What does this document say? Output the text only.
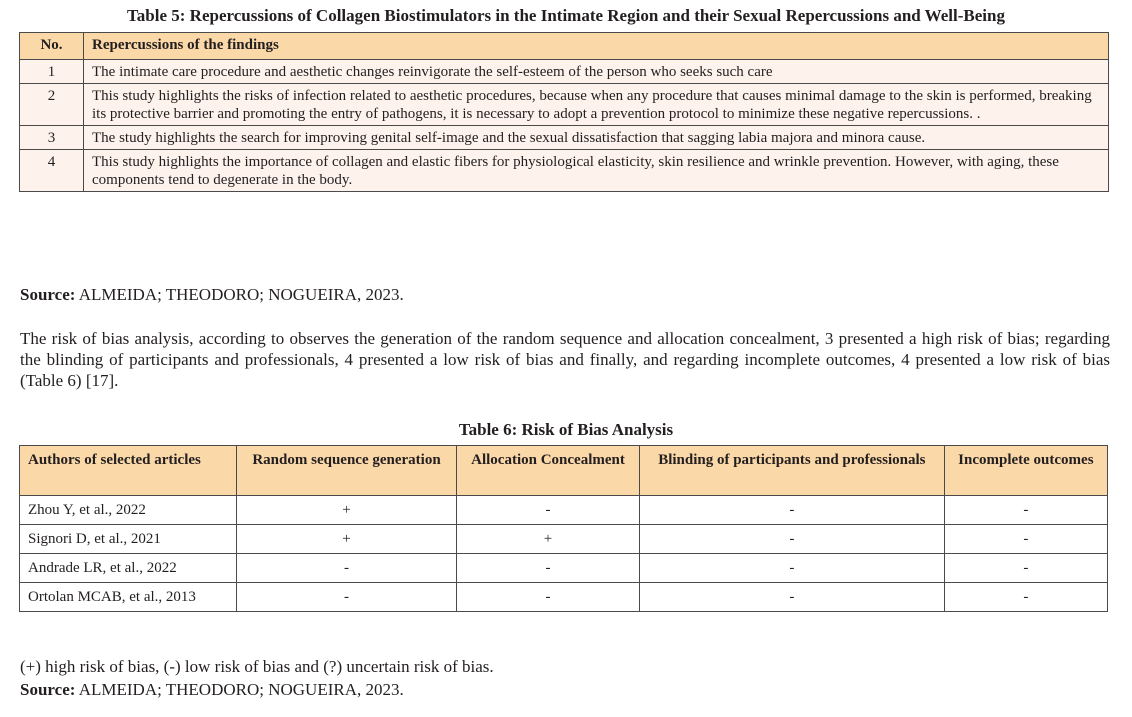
Table 5: Repercussions of Collagen Biostimulators in the Intimate Region and their Sexual Repercussions and Well-Being
No.	Repercussions of the findings
1	The intimate care procedure and aesthetic changes reinvigorate the self-esteem of the person who seeks such care
2	This study highlights the risks of infection related to aesthetic procedures, because when any procedure that causes minimal damage to the skin is performed, breaking its protective barrier and promoting the entry of pathogens, it is necessary to adopt a prevention protocol to minimize these negative repercussions. .
3	The study highlights the search for improving genital self-image and the sexual dissatisfaction that sagging labia majora and minora cause.
4	This study highlights the importance of collagen and elastic fibers for physiological elasticity, skin resilience and wrinkle prevention. However, with aging, these components tend to degenerate in the body.
Source: ALMEIDA; THEODORO; NOGUEIRA, 2023.
The risk of bias analysis, according to observes the generation of the random sequence and allocation concealment, 3 presented a high risk of bias; regarding the blinding of participants and professionals, 4 presented a low risk of bias and finally, and regarding incomplete outcomes, 4 presented a low risk of bias (Table 6) [17].
Table 6: Risk of Bias Analysis
Authors of selected articles	Random sequence generation	Allocation Concealment	Blinding of participants and professionals	Incomplete outcomes
Zhou Y, et al., 2022	+	-	-	-
Signori D, et al., 2021	+	+	-	-
Andrade LR, et al., 2022	-	-	-	-
Ortolan MCAB, et al., 2013	-	-	-	-
(+) high risk of bias, (-) low risk of bias and (?) uncertain risk of bias.
Source: ALMEIDA; THEODORO; NOGUEIRA, 2023.
